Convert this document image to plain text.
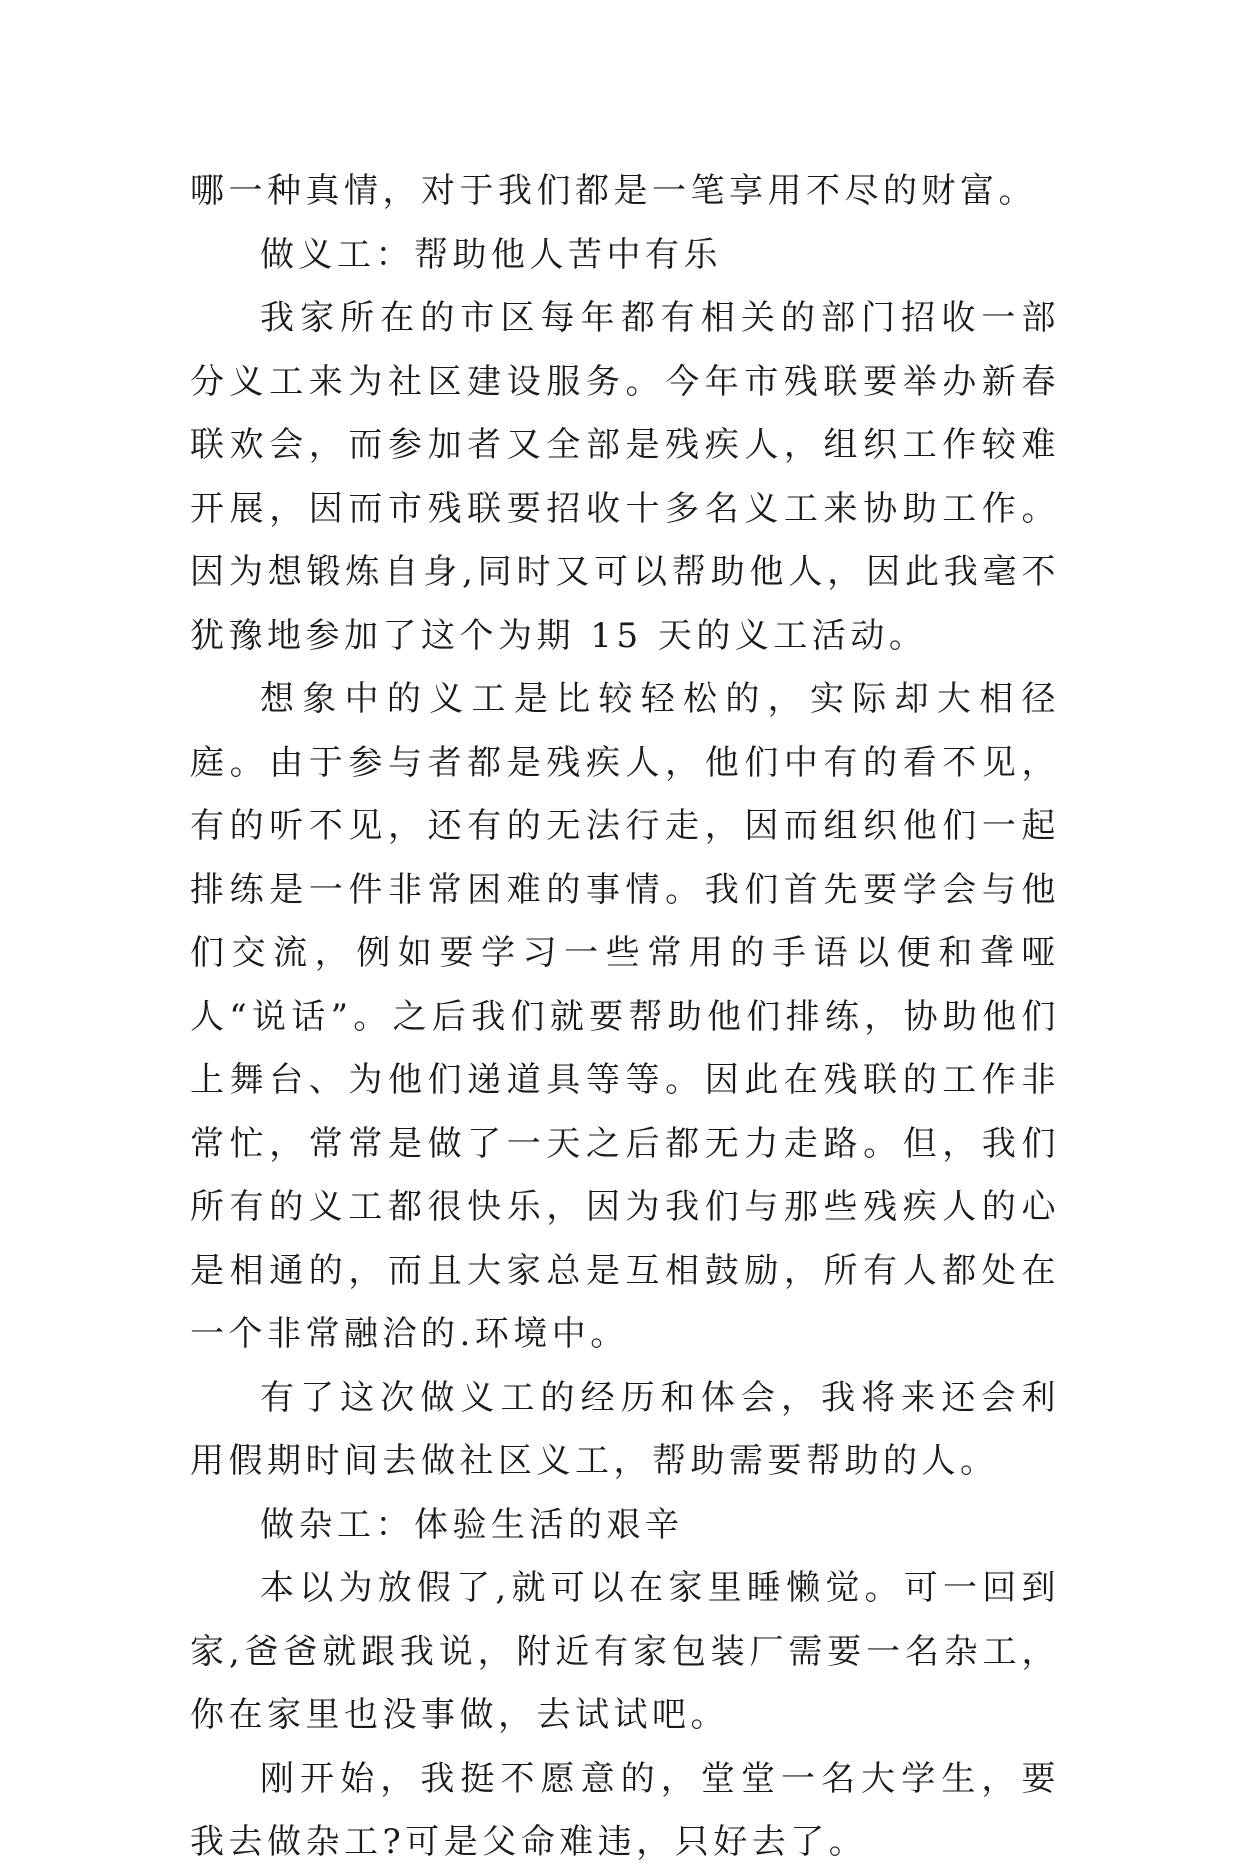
哪一种真情，对于我们都是一笔享用不尽的财富。

做义工：帮助他人苦中有乐

我家所在的市区每年都有相关的部门招收一部分义工来为社区建设服务。今年市残联要举办新春联欢会，而参加者又全部是残疾人，组织工作较难开展，因而市残联要招收十多名义工来协助工作。因为想锻炼自身,同时又可以帮助他人，因此我毫不犹豫地参加了这个为期 15 天的义工活动。

想象中的义工是比较轻松的，实际却大相径庭。由于参与者都是残疾人，他们中有的看不见，有的听不见，还有的无法行走，因而组织他们一起排练是一件非常困难的事情。我们首先要学会与他们交流，例如要学习一些常用的手语以便和聋哑人“说话”。之后我们就要帮助他们排练，协助他们上舞台、为他们递道具等等。因此在残联的工作非常忙，常常是做了一天之后都无力走路。但，我们所有的义工都很快乐，因为我们与那些残疾人的心是相通的，而且大家总是互相鼓励，所有人都处在一个非常融洽的.环境中。

有了这次做义工的经历和体会，我将来还会利用假期时间去做社区义工，帮助需要帮助的人。

做杂工：体验生活的艰辛

本以为放假了,就可以在家里睡懒觉。可一回到家,爸爸就跟我说，附近有家包装厂需要一名杂工，你在家里也没事做，去试试吧。

刚开始，我挺不愿意的，堂堂一名大学生，要我去做杂工?可是父命难违，只好去了。
